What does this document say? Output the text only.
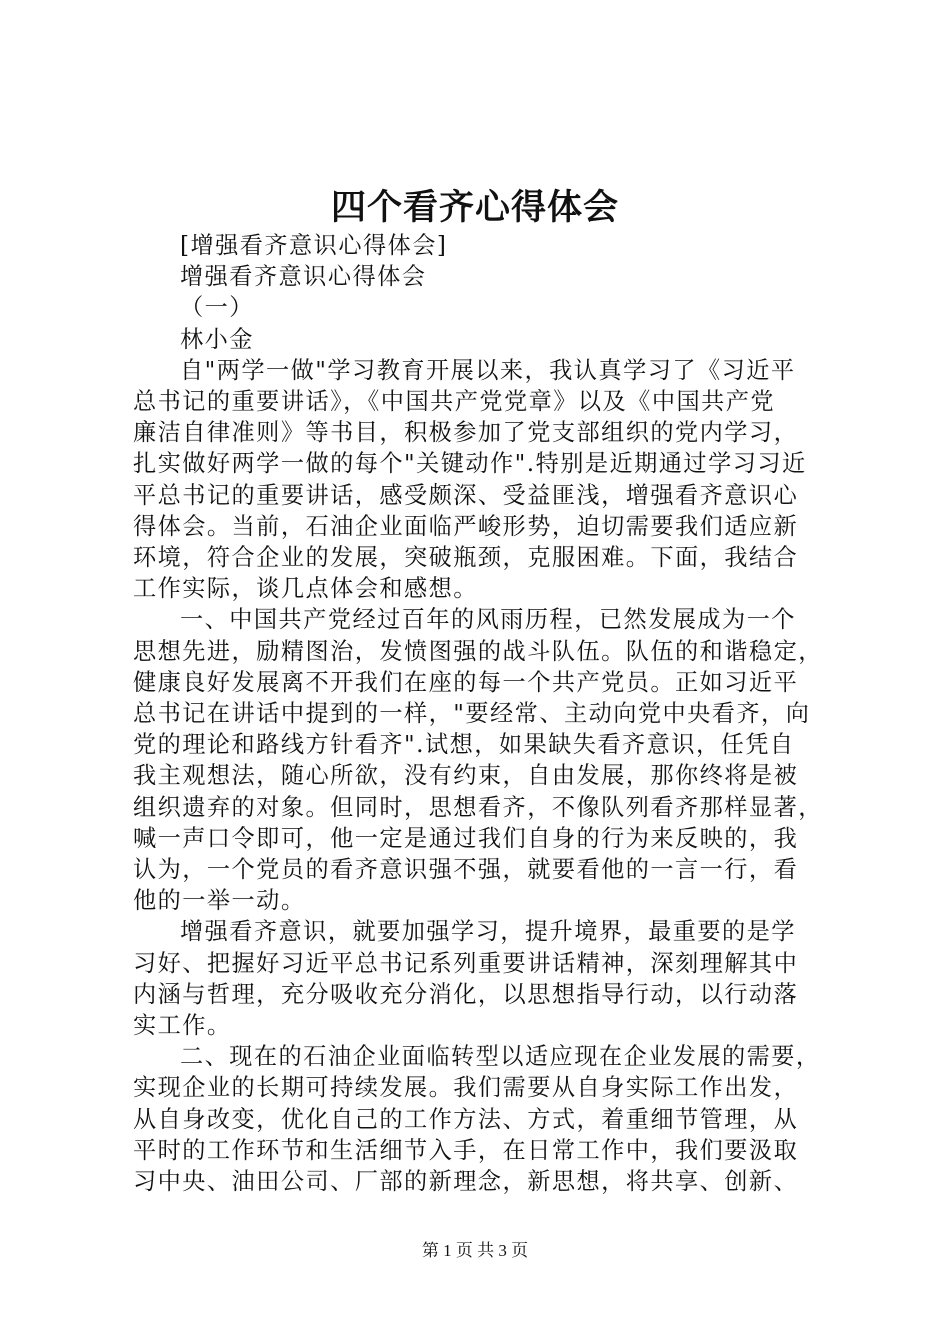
四个看齐心得体会
[增强看齐意识心得体会]
增强看齐意识心得体会
（一）
林小金
自"两学一做"学习教育开展以来，我认真学习了《习近平
总书记的重要讲话》，《中国共产党党章》以及《中国共产党
廉洁自律准则》等书目，积极参加了党支部组织的党内学习，
扎实做好两学一做的每个"关键动作".特别是近期通过学习习近
平总书记的重要讲话，感受颇深、受益匪浅，增强看齐意识心
得体会。当前，石油企业面临严峻形势，迫切需要我们适应新
环境，符合企业的发展，突破瓶颈，克服困难。下面，我结合
工作实际，谈几点体会和感想。
一、中国共产党经过百年的风雨历程，已然发展成为一个
思想先进，励精图治，发愤图强的战斗队伍。队伍的和谐稳定，
健康良好发展离不开我们在座的每一个共产党员。正如习近平
总书记在讲话中提到的一样，"要经常、主动向党中央看齐，向
党的理论和路线方针看齐".试想，如果缺失看齐意识，任凭自
我主观想法，随心所欲，没有约束，自由发展，那你终将是被
组织遗弃的对象。但同时，思想看齐，不像队列看齐那样显著，
喊一声口令即可，他一定是通过我们自身的行为来反映的，我
认为，一个党员的看齐意识强不强，就要看他的一言一行，看
他的一举一动。
增强看齐意识，就要加强学习，提升境界，最重要的是学
习好、把握好习近平总书记系列重要讲话精神，深刻理解其中
内涵与哲理，充分吸收充分消化，以思想指导行动，以行动落
实工作。
二、现在的石油企业面临转型以适应现在企业发展的需要，
实现企业的长期可持续发展。我们需要从自身实际工作出发，
从自身改变，优化自己的工作方法、方式，着重细节管理，从
平时的工作环节和生活细节入手，在日常工作中，我们要汲取
习中央、油田公司、厂部的新理念，新思想，将共享、创新、
第 1 页 共 3 页
